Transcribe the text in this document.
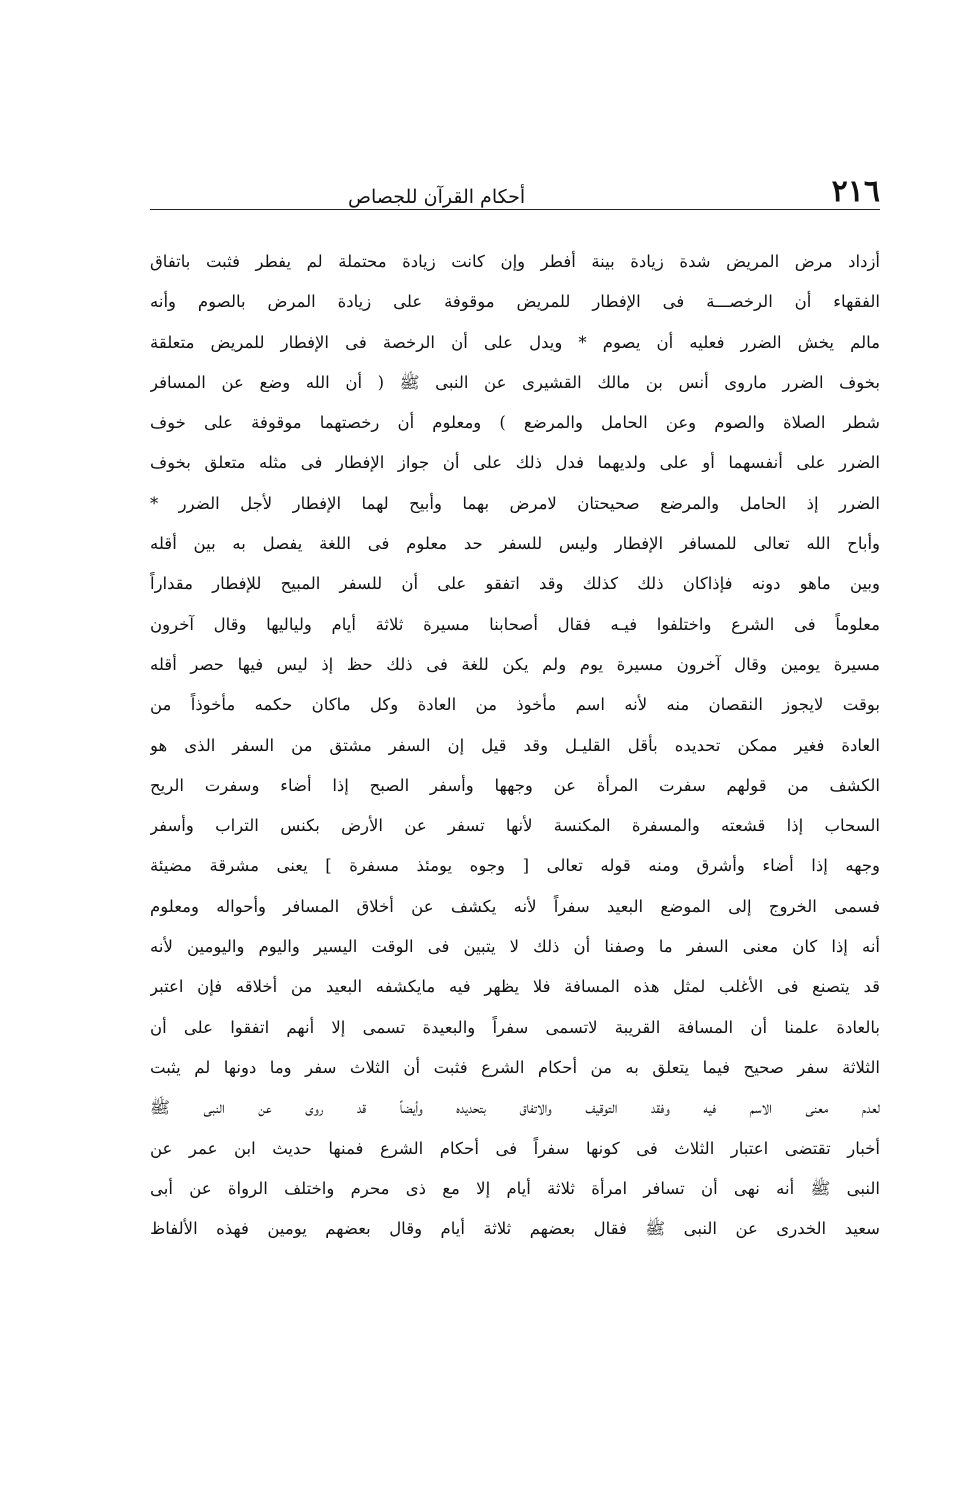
٢١٦
أحكام القرآن للجصاص
أزداد مرض المريض شدة زيادة بينة أفطر وإن كانت زيادة محتملة لم يفطر فثبت باتفاق
الفقهاء أن الرخصـــة فى الإفطار للمريض موقوفة على زيادة المرض بالصوم وأنه
مالم يخش الضرر فعليه أن يصوم ‪*‬ ويدل على أن الرخصة فى الإفطار للمريض متعلقة
بخوف الضرر ماروى أنس بن مالك القشيرى عن النبى ﷺ ( أن الله وضع عن المسافر
شطر الصلاة والصوم وعن الحامل والمرضع ) ومعلوم أن رخصتهما موقوفة على خوف
الضرر على أنفسهما أو على ولديهما فدل ذلك على أن جواز الإفطار فى مثله متعلق بخوف
الضرر إذ الحامل والمرضع صحيحتان لامرض بهما وأبيح لهما الإفطار لأجل الضرر ‪*‬
وأباح الله تعالى للمسافر الإفطار وليس للسفر حد معلوم فى اللغة يفصل به بين أقله
وبين ماهو دونه فإذاكان ذلك كذلك وقد اتفقو على أن للسفر المبيح للإفطار مقداراً
معلوماً فى الشرع واختلفوا فيـه فقال أصحابنا مسيرة ثلاثة أيام ولياليها وقال آخرون
مسيرة يومين وقال آخرون مسيرة يوم ولم يكن للغة فى ذلك حظ إذ ليس فيها حصر أقله
بوقت لايجوز النقصان منه لأنه اسم مأخوذ من العادة وكل ماكان حكمه مأخوذاً من
العادة فغير ممكن تحديده بأقل القليـل وقد قيل إن السفر مشتق من السفر الذى هو
الكشف من قولهم سفرت المرأة عن وجهها وأسفر الصبح إذا أضاء وسفرت الريح
السحاب إذا قشعته والمسفرة المكنسة لأنها تسفر عن الأرض بكنس التراب وأسفر
وجهه إذا أضاء وأشرق ومنه قوله تعالى [ وجوه يومئذ مسفرة ] يعنى مشرقة مضيئة
فسمى الخروج إلى الموضع البعيد سفراً لأنه يكشف عن أخلاق المسافر وأحواله ومعلوم
أنه إذا كان معنى السفر ما وصفنا أن ذلك لا يتبين فى الوقت اليسير واليوم واليومين لأنه
قد يتصنع فى الأغلب لمثل هذه المسافة فلا يظهر فيه مايكشفه البعيد من أخلاقه فإن اعتبر
بالعادة علمنا أن المسافة القريبة لاتسمى سفراً والبعيدة تسمى إلا أنهم اتفقوا على أن
الثلاثة سفر صحيح فيما يتعلق به من أحكام الشرع فثبت أن الثلاث سفر وما دونها لم يثبت
لعدم معنى الاسم فيه وفقد التوقيف والاتفاق بتحديده وأيضاً قد روى عن النبى ﷺ
أخبار تقتضى اعتبار الثلاث فى كونها سفراً فى أحكام الشرع فمنها حديث ابن عمر عن
النبى ﷺ أنه نهى أن تسافر امرأة ثلاثة أيام إلا مع ذى محرم واختلف الرواة عن أبى
سعيد الخدرى عن النبى ﷺ فقال بعضهم ثلاثة أيام وقال بعضهم يومين فهذه الألفاظ
